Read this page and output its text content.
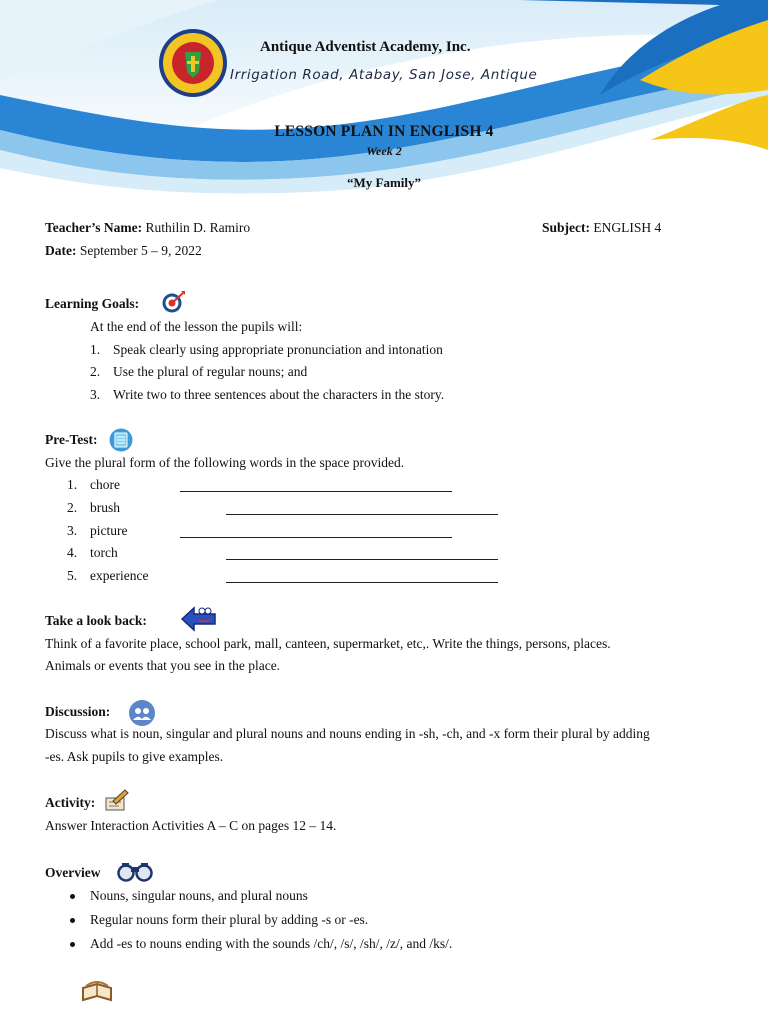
Antique Adventist Academy, Inc.
Irrigation Road, Atabay, San Jose, Antique
LESSON PLAN IN ENGLISH 4
Week 2
“My Family”
Teacher’s Name: Ruthilin D. Ramiro	Subject: ENGLISH 4
Date: September 5 – 9, 2022
Learning Goals:
At the end of the lesson the pupils will:
1. Speak clearly using appropriate pronunciation and intonation
2. Use the plural of regular nouns; and
3. Write two to three sentences about the characters in the story.
Pre-Test:
Give the plural form of the following words in the space provided.
1. chore
2. brush
3. picture
4. torch
5. experience
Take a look back:
Think of a favorite place, school park, mall, canteen, supermarket, etc,. Write the things, persons, places.
Animals or events that you see in the place.
Discussion:
Discuss what is noun, singular and plural nouns and nouns ending in -sh, -ch, and -x form their plural by adding
-es. Ask pupils to give examples.
Activity:
Answer Interaction Activities A – C on pages 12 – 14.
Overview
Nouns, singular nouns, and plural nouns
Regular nouns form their plural by adding -s or -es.
Add -es to nouns ending with the sounds /ch/, /s/, /sh/, /z/, and /ks/.
